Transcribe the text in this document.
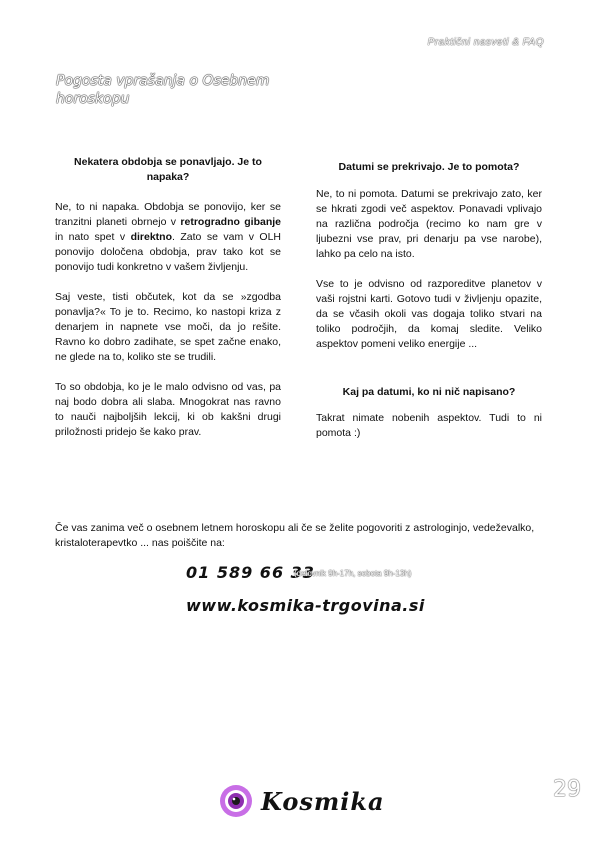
Praktični nasveti & FAQ
Pogosta vprašanja o Osebnem horoskopu
Nekatera obdobja se ponavljajo. Je to napaka?

Ne, to ni napaka. Obdobja se ponovijo, ker se tranzitni planeti obrnejo v retrogradno gibanje in nato spet v direktno. Zato se vam v OLH ponovijo določena obdobja, prav tako kot se ponovijo tudi konkretno v vašem življenju.

Saj veste, tisti občutek, kot da se »zgodba ponavlja?« To je to. Recimo, ko nastopi kriza z denarjem in napnete vse moči, da jo rešite. Ravno ko dobro zadihate, se spet začne enako, ne glede na to, koliko ste se trudili.

To so obdobja, ko je le malo odvisno od vas, pa naj bodo dobra ali slaba. Mnogokrat nas ravno to nauči najboljših lekcij, ki ob kakšni drugi priložnosti pridejo še kako prav.

Datumi se prekrivajo. Je to pomota?

Ne, to ni pomota. Datumi se prekrivajo zato, ker se hkrati zgodi več aspektov. Ponavadi vplivajo na različna področja (recimo ko nam gre v ljubezni vse prav, pri denarju pa vse narobe), lahko pa celo na isto.

Vse to je odvisno od razporeditve planetov v vaši rojstni karti. Gotovo tudi v življenju opazite, da se včasih okoli vas dogaja toliko stvari na toliko področjih, da komaj sledite. Veliko aspektov pomeni veliko energije ...

Kaj pa datumi, ko ni nič napisano?

Takrat nimate nobenih aspektov. Tudi to ni pomota :)

Če vas zanima več o osebnem letnem horoskopu ali če se želite pogovoriti z astrologinjo, vedeževalko, kristaloterapevtko ... nas poiščite na:
01 589 66 33
(delovnik 9h-17h, sobota 9h-13h)
www.kosmika-trgovina.si
29
Kosmika
